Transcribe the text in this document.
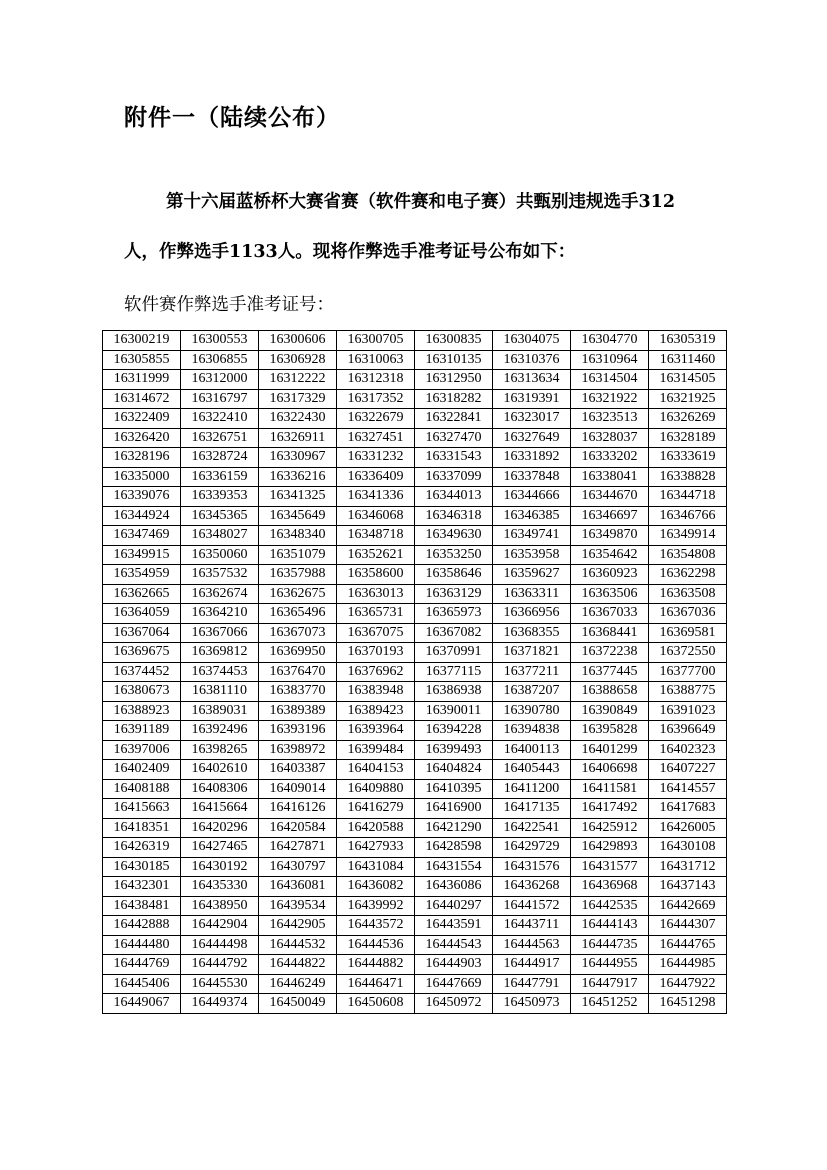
附件一（陆续公布）
第十六届蓝桥杯大赛省赛（软件赛和电子赛）共甄别违规选手312
人，作弊选手1133人。现将作弊选手准考证号公布如下：
软件赛作弊选手准考证号：
16300219	16300553	16300606	16300705	16300835	16304075	16304770	16305319
16305855	16306855	16306928	16310063	16310135	16310376	16310964	16311460
16311999	16312000	16312222	16312318	16312950	16313634	16314504	16314505
16314672	16316797	16317329	16317352	16318282	16319391	16321922	16321925
16322409	16322410	16322430	16322679	16322841	16323017	16323513	16326269
16326420	16326751	16326911	16327451	16327470	16327649	16328037	16328189
16328196	16328724	16330967	16331232	16331543	16331892	16333202	16333619
16335000	16336159	16336216	16336409	16337099	16337848	16338041	16338828
16339076	16339353	16341325	16341336	16344013	16344666	16344670	16344718
16344924	16345365	16345649	16346068	16346318	16346385	16346697	16346766
16347469	16348027	16348340	16348718	16349630	16349741	16349870	16349914
16349915	16350060	16351079	16352621	16353250	16353958	16354642	16354808
16354959	16357532	16357988	16358600	16358646	16359627	16360923	16362298
16362665	16362674	16362675	16363013	16363129	16363311	16363506	16363508
16364059	16364210	16365496	16365731	16365973	16366956	16367033	16367036
16367064	16367066	16367073	16367075	16367082	16368355	16368441	16369581
16369675	16369812	16369950	16370193	16370991	16371821	16372238	16372550
16374452	16374453	16376470	16376962	16377115	16377211	16377445	16377700
16380673	16381110	16383770	16383948	16386938	16387207	16388658	16388775
16388923	16389031	16389389	16389423	16390011	16390780	16390849	16391023
16391189	16392496	16393196	16393964	16394228	16394838	16395828	16396649
16397006	16398265	16398972	16399484	16399493	16400113	16401299	16402323
16402409	16402610	16403387	16404153	16404824	16405443	16406698	16407227
16408188	16408306	16409014	16409880	16410395	16411200	16411581	16414557
16415663	16415664	16416126	16416279	16416900	16417135	16417492	16417683
16418351	16420296	16420584	16420588	16421290	16422541	16425912	16426005
16426319	16427465	16427871	16427933	16428598	16429729	16429893	16430108
16430185	16430192	16430797	16431084	16431554	16431576	16431577	16431712
16432301	16435330	16436081	16436082	16436086	16436268	16436968	16437143
16438481	16438950	16439534	16439992	16440297	16441572	16442535	16442669
16442888	16442904	16442905	16443572	16443591	16443711	16444143	16444307
16444480	16444498	16444532	16444536	16444543	16444563	16444735	16444765
16444769	16444792	16444822	16444882	16444903	16444917	16444955	16444985
16445406	16445530	16446249	16446471	16447669	16447791	16447917	16447922
16449067	16449374	16450049	16450608	16450972	16450973	16451252	16451298
